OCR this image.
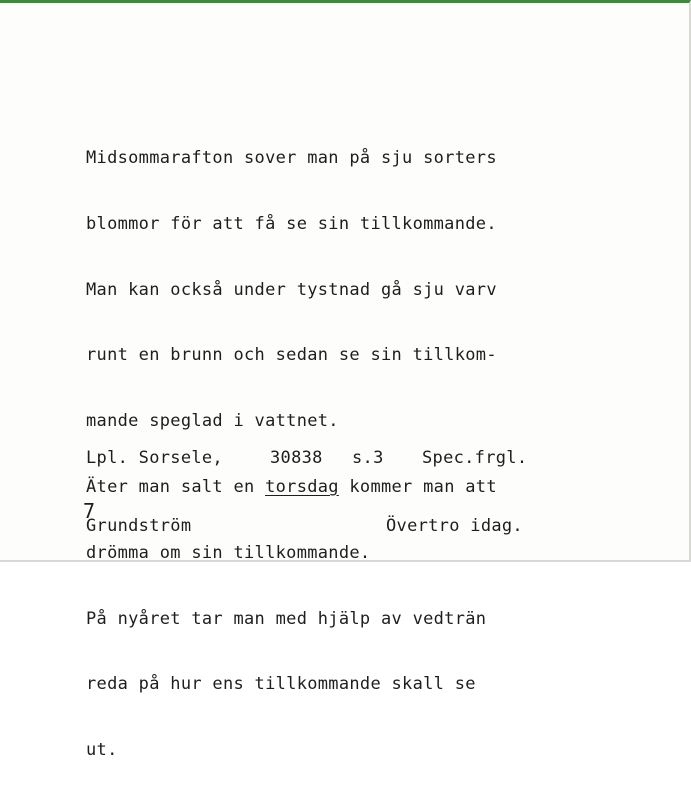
Midsommarafton sover man på sju sorters

blommor för att få se sin tillkommande.

Man kan också under tystnad gå sju varv

runt en brunn och sedan se sin tillkom-

mande speglad i vattnet.

Äter man salt en torsdag kommer man att

drömma om sin tillkommande.

På nyåret tar man med hjälp av vedträn

reda på hur ens tillkommande skall se

ut.

Lpl. Sorsele,	30838 s.3 Spec.frgl.

Grundström	Övertro idag.

7
